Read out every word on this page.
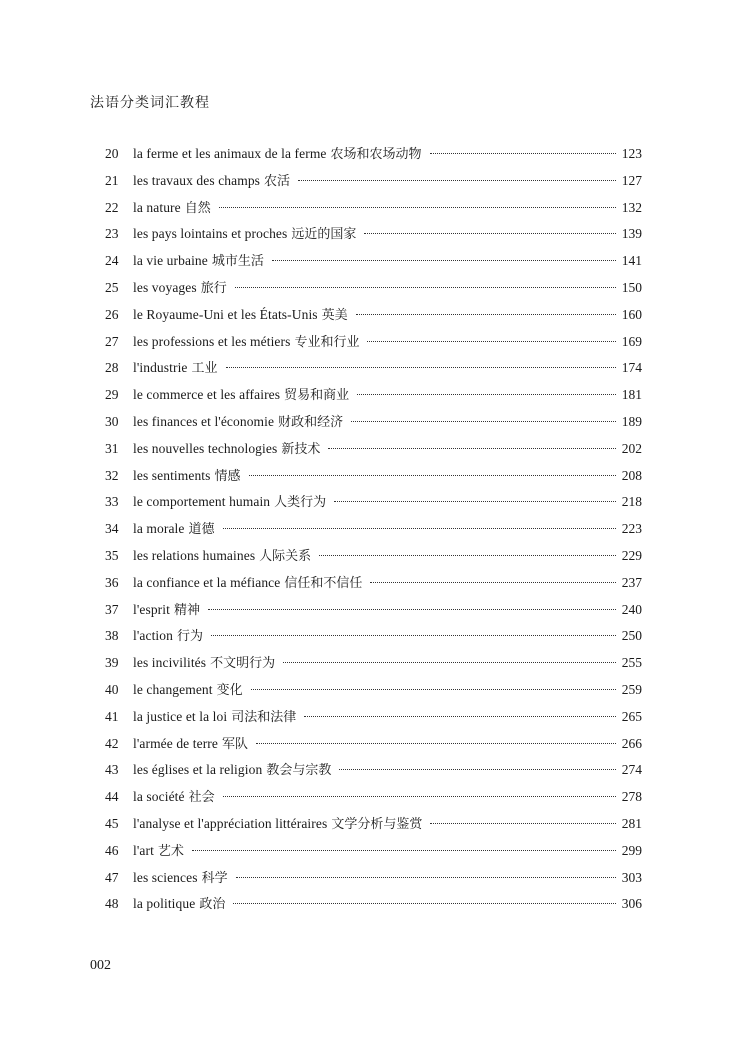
法语分类词汇教程
20	la ferme et les animaux de la ferme 农场和农场动物	123
21	les travaux des champs 农活	127
22	la nature 自然	132
23	les pays lointains et proches 远近的国家	139
24	la vie urbaine 城市生活	141
25	les voyages 旅行	150
26	le Royaume-Uni et les États-Unis 英美	160
27	les professions et les métiers 专业和行业	169
28	l'industrie 工业	174
29	le commerce et les affaires 贸易和商业	181
30	les finances et l'économie 财政和经济	189
31	les nouvelles technologies 新技术	202
32	les sentiments 情感	208
33	le comportement humain 人类行为	218
34	la morale 道德	223
35	les relations humaines 人际关系	229
36	la confiance et la méfiance 信任和不信任	237
37	l'esprit 精神	240
38	l'action 行为	250
39	les incivilités 不文明行为	255
40	le changement 变化	259
41	la justice et la loi 司法和法律	265
42	l'armée de terre 军队	266
43	les églises et la religion 教会与宗教	274
44	la société 社会	278
45	l'analyse et l'appréciation littéraires 文学分析与鉴赏	281
46	l'art 艺术	299
47	les sciences 科学	303
48	la politique 政治	306
002
